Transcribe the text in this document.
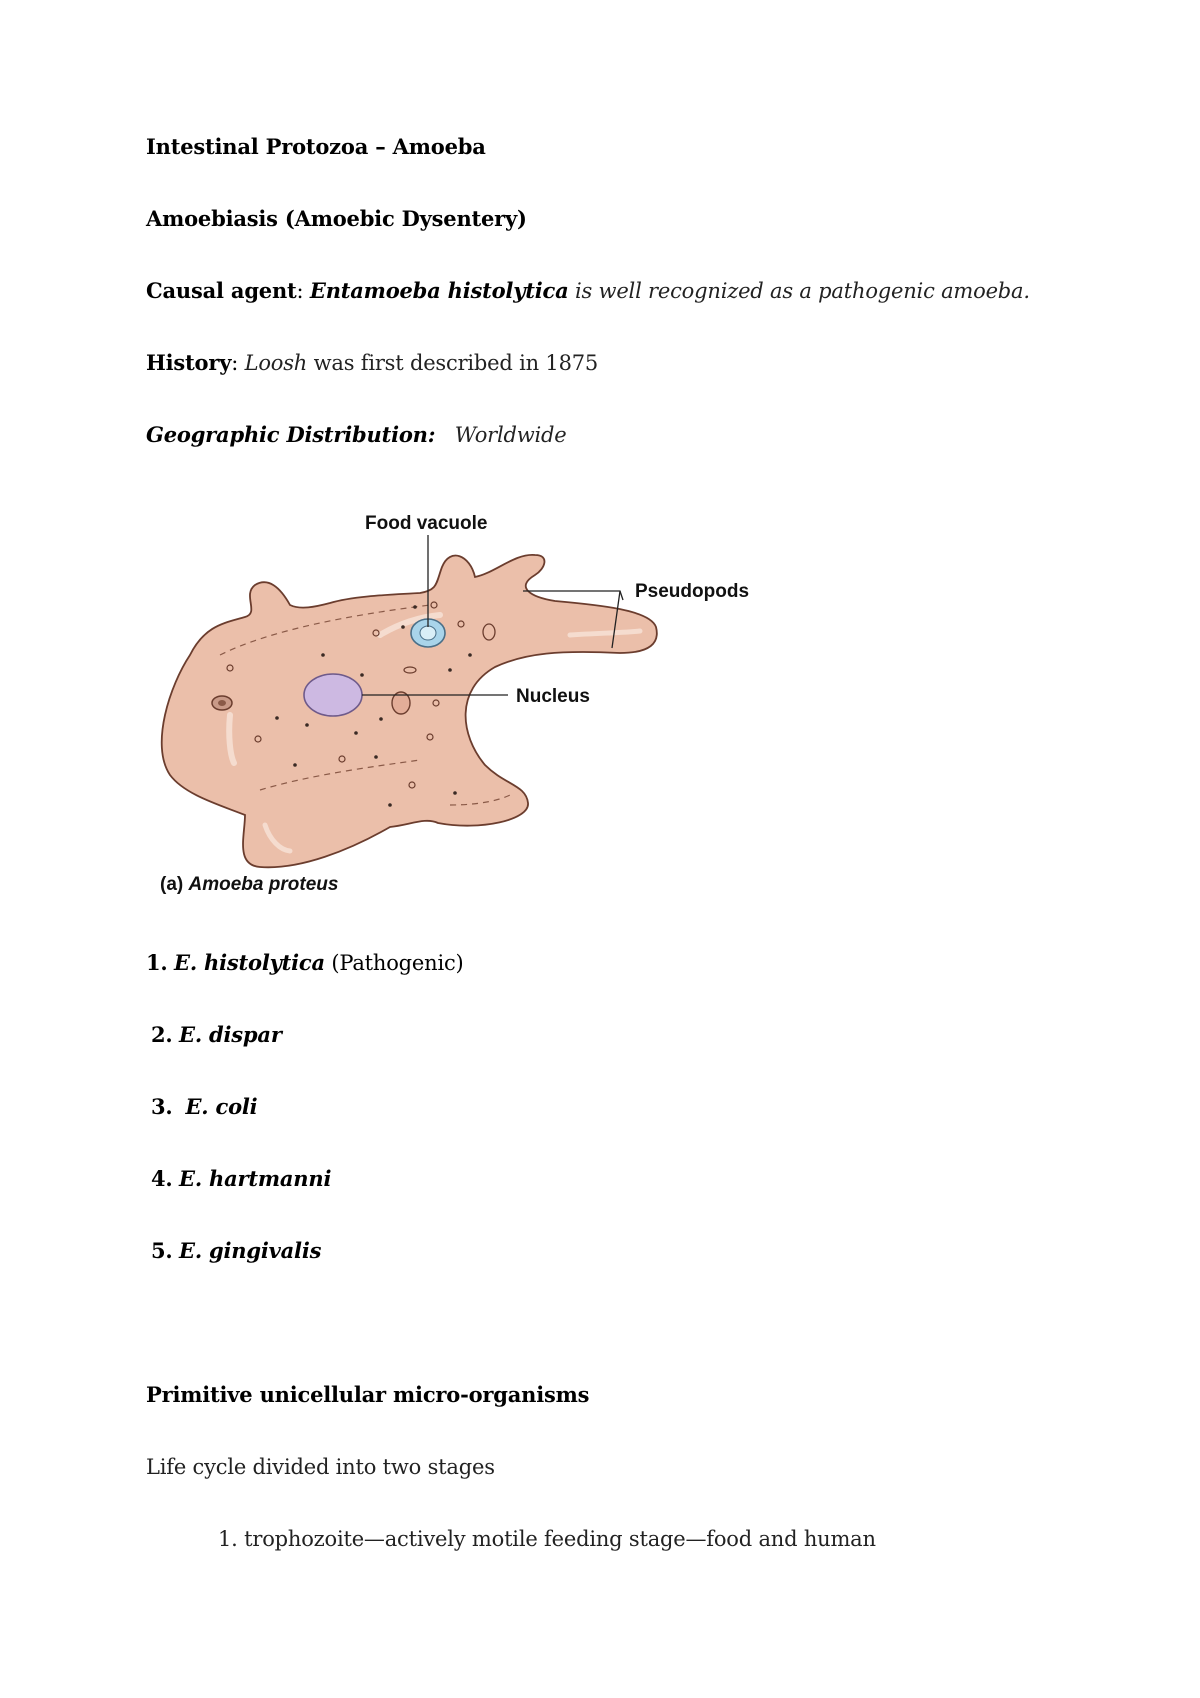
Intestinal Protozoa – Amoeba
Amoebiasis (Amoebic Dysentery)
Causal agent: Entamoeba histolytica is well recognized as a pathogenic amoeba.
History: Loosh was first described in 1875
Geographic Distribution: Worldwide
Food vacuole
Pseudopods
Nucleus
(a) Amoeba proteus
1. E. histolytica (Pathogenic)
2. E. dispar
3. E. coli
4. E. hartmanni
5. E. gingivalis
Primitive unicellular micro-organisms
Life cycle divided into two stages
1. trophozoite—actively motile feeding stage—food and human
